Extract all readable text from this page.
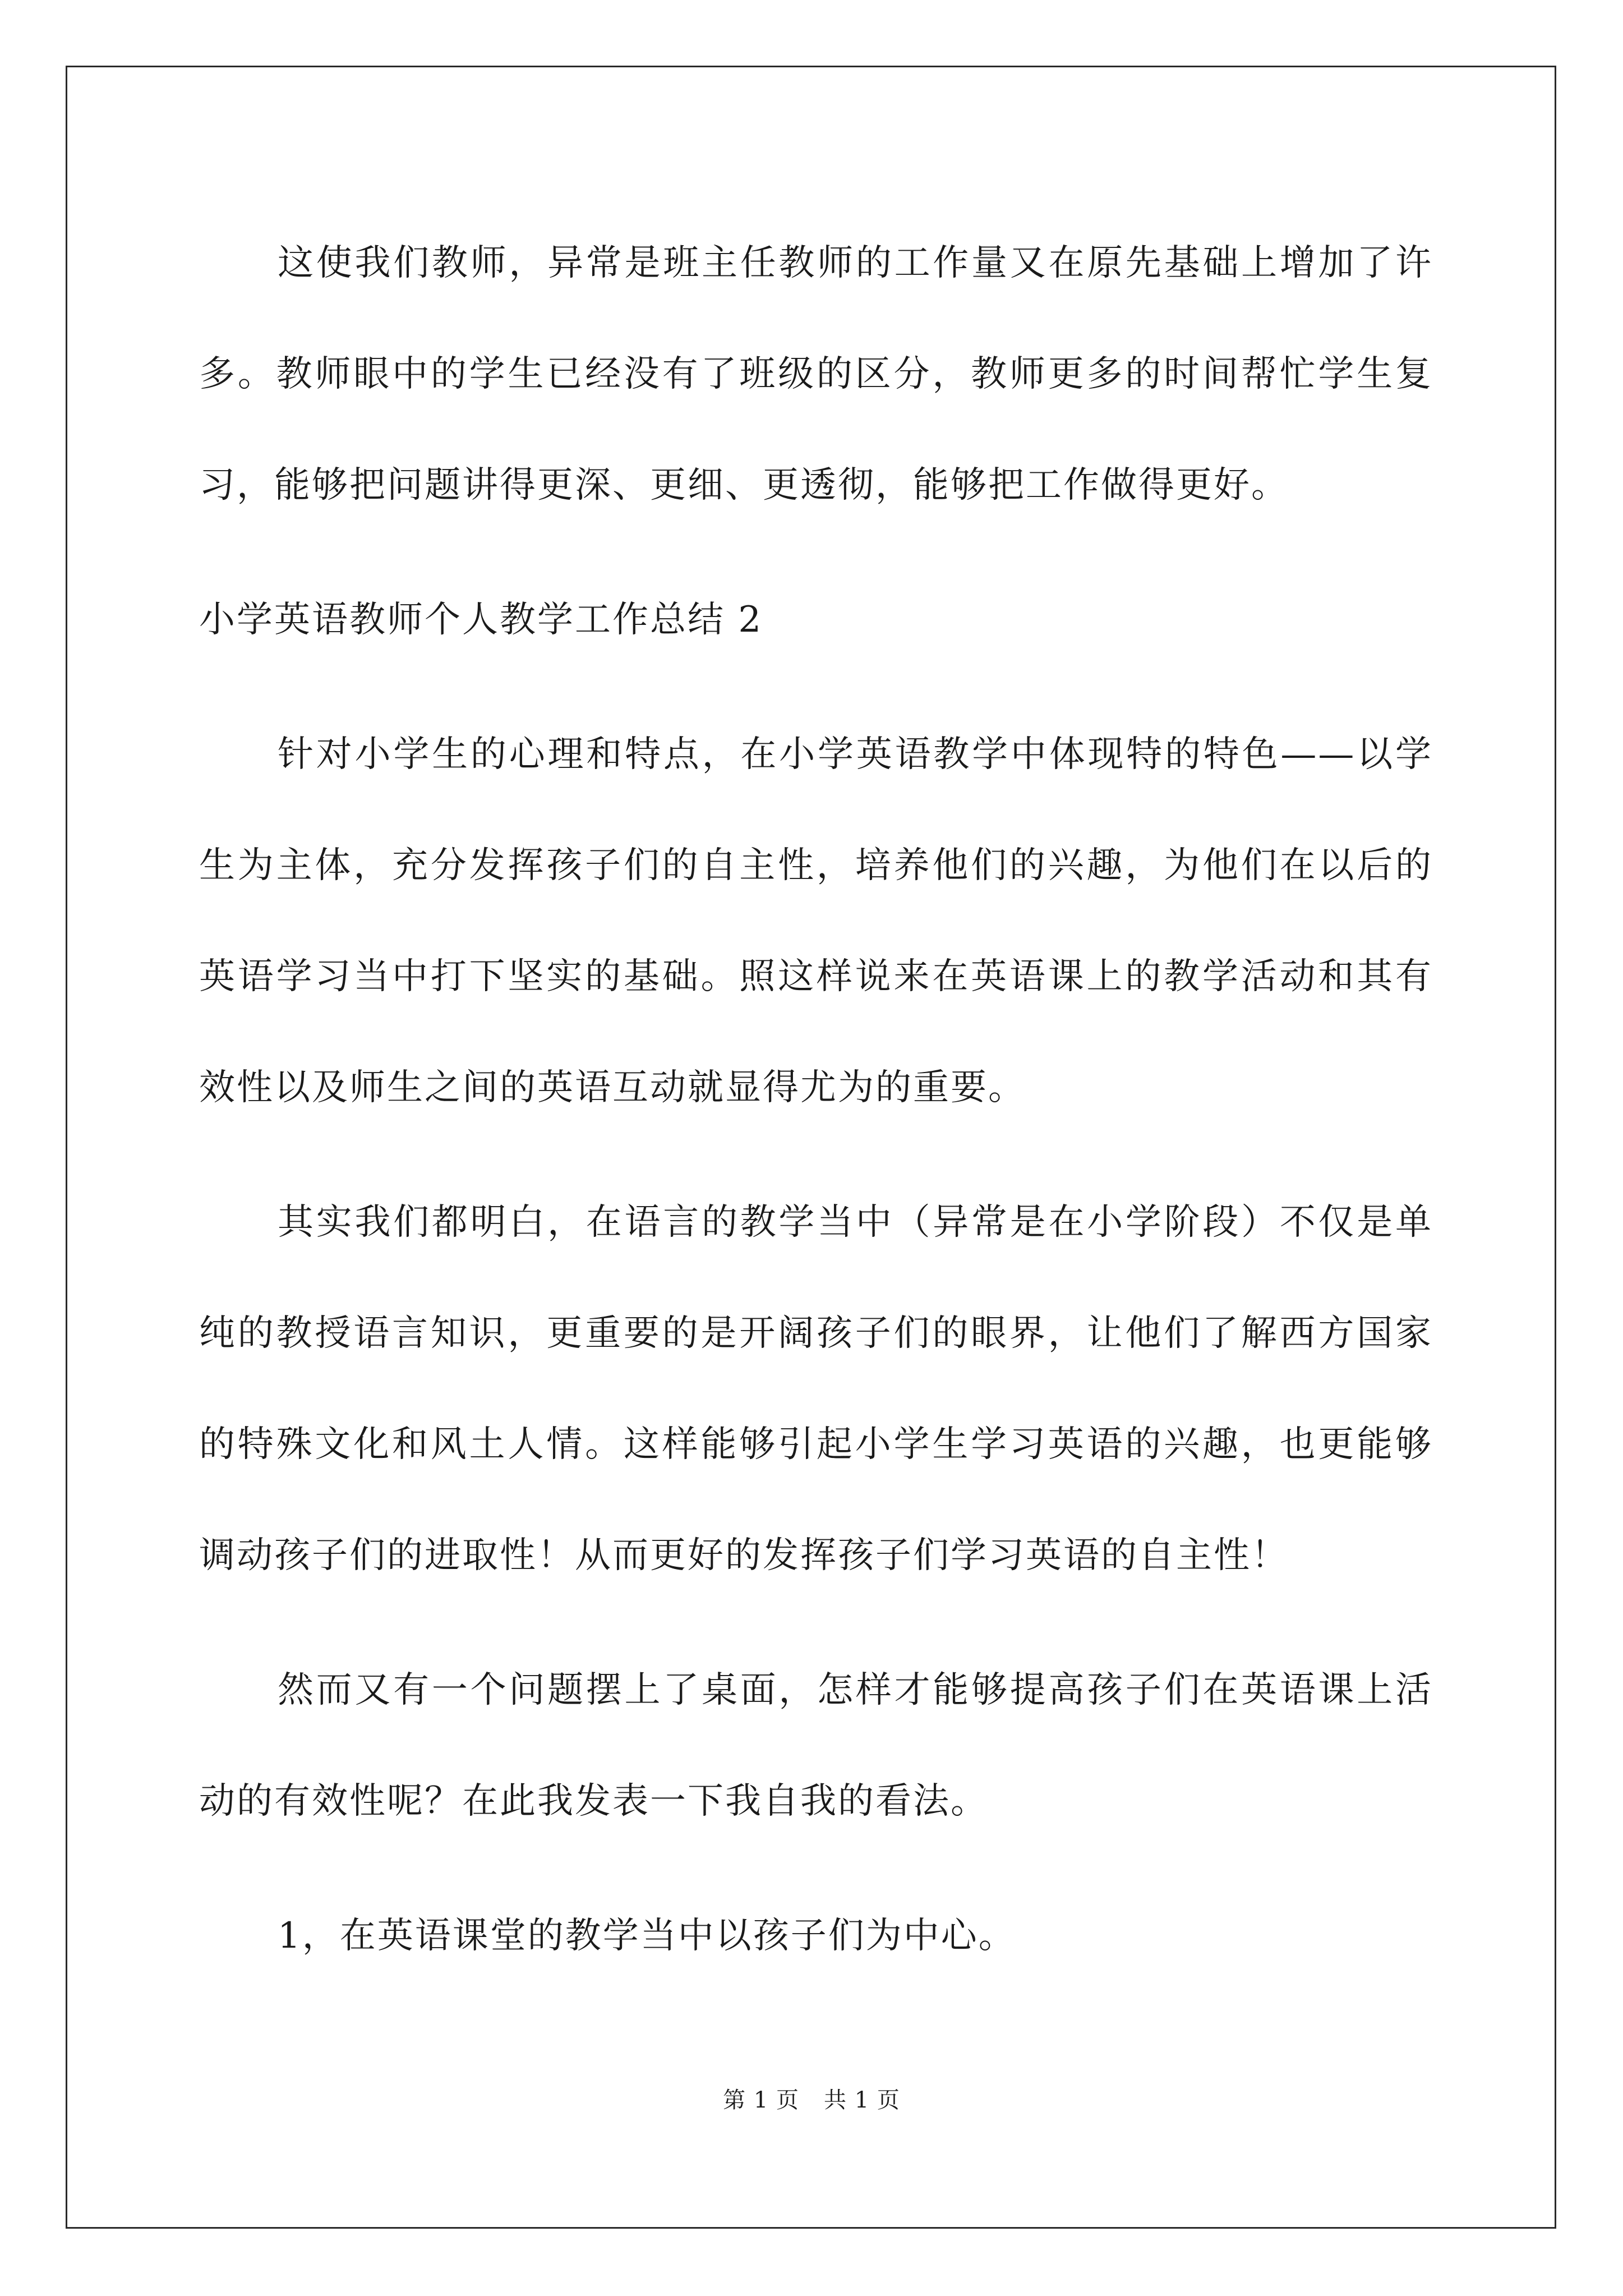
这使我们教师，异常是班主任教师的工作量又在原先基础上增加了许多。教师眼中的学生已经没有了班级的区分，教师更多的时间帮忙学生复习，能够把问题讲得更深、更细、更透彻，能够把工作做得更好。

小学英语教师个人教学工作总结 2

针对小学生的心理和特点，在小学英语教学中体现特的特色——以学生为主体，充分发挥孩子们的自主性，培养他们的兴趣，为他们在以后的英语学习当中打下坚实的基础。照这样说来在英语课上的教学活动和其有效性以及师生之间的英语互动就显得尤为的重要。

其实我们都明白，在语言的教学当中（异常是在小学阶段）不仅是单纯的教授语言知识，更重要的是开阔孩子们的眼界，让他们了解西方国家的特殊文化和风土人情。这样能够引起小学生学习英语的兴趣，也更能够调动孩子们的进取性！从而更好的发挥孩子们学习英语的自主性！

然而又有一个问题摆上了桌面，怎样才能够提高孩子们在英语课上活动的有效性呢？在此我发表一下我自我的看法。

1，在英语课堂的教学当中以孩子们为中心。

第 1 页 共 1 页
